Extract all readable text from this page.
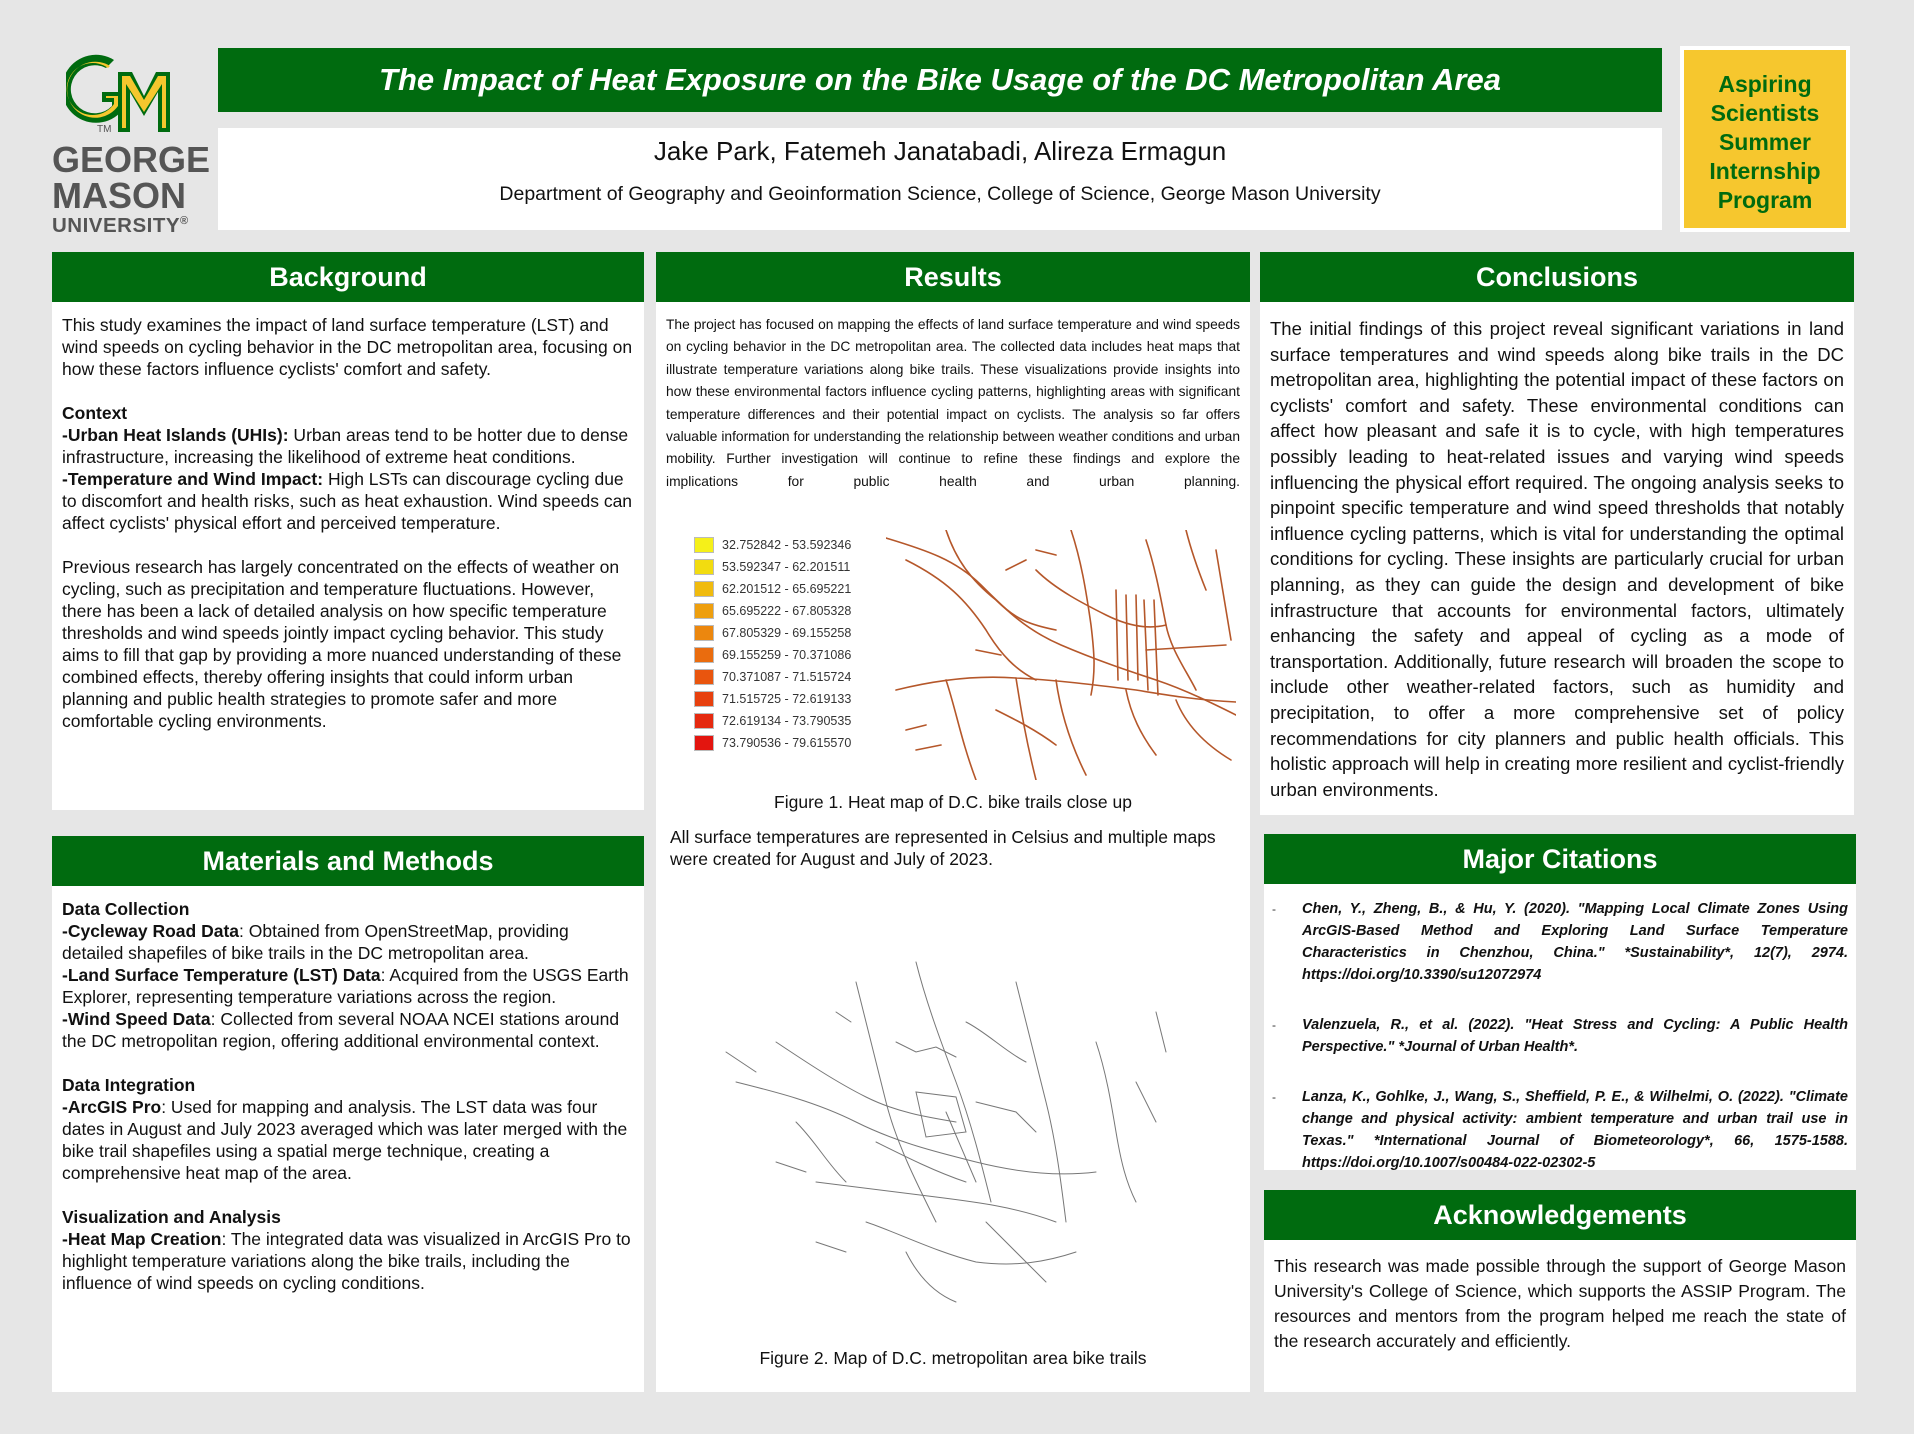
TM
GEORGE
MASON
UNIVERSITY®
The Impact of Heat Exposure on the Bike Usage of the DC Metropolitan Area
Jake Park, Fatemeh Janatabadi, Alireza Ermagun
Department of Geography and Geoinformation Science, College of Science, George Mason University
Aspiring
Scientists
Summer
Internship
Program
Background

This study examines the impact of land surface temperature (LST) and wind speeds on cycling behavior in the DC metropolitan area, focusing on how these factors influence cyclists' comfort and safety.

Context
-Urban Heat Islands (UHIs): Urban areas tend to be hotter due to dense infrastructure, increasing the likelihood of extreme heat conditions.

-Temperature and Wind Impact: High LSTs can discourage cycling due to discomfort and health risks, such as heat exhaustion. Wind speeds can affect cyclists' physical effort and perceived temperature.

Previous research has largely concentrated on the effects of weather on cycling, such as precipitation and temperature fluctuations. However, there has been a lack of detailed analysis on how specific temperature thresholds and wind speeds jointly impact cycling behavior. This study aims to fill that gap by providing a more nuanced understanding of these combined effects, thereby offering insights that could inform urban planning and public health strategies to promote safer and more comfortable cycling environments.

Materials and Methods
Data Collection
-Cycleway Road Data: Obtained from OpenStreetMap, providing detailed shapefiles of bike trails in the DC metropolitan area.
-Land Surface Temperature (LST) Data: Acquired from the USGS Earth Explorer, representing temperature variations across the region.

-Wind Speed Data: Collected from several NOAA NCEI stations around the DC metropolitan region, offering additional environmental context.

Data Integration

-ArcGIS Pro: Used for mapping and analysis. The LST data was four dates in August and July 2023 averaged which was later merged with the bike trail shapefiles using a spatial merge technique, creating a comprehensive heat map of the area.

Visualization and Analysis
-Heat Map Creation: The integrated data was visualized in ArcGIS Pro to highlight temperature variations along the bike trails, including the influence of wind speeds on cycling conditions.
Results
The project has focused on mapping the effects of land surface temperature and wind speeds on cycling behavior in the DC metropolitan area. The collected data includes heat maps that illustrate temperature variations along bike trails. These visualizations provide insights into how these environmental factors influence cycling patterns, highlighting areas with significant temperature differences and their potential impact on cyclists. The analysis so far offers valuable information for understanding the relationship between weather conditions and urban mobility. Further investigation will continue to refine these findings and explore the implications for public health and urban planning.
32.752842 - 53.592346
53.592347 - 62.201511
62.201512 - 65.695221
65.695222 - 67.805328
67.805329 - 69.155258
69.155259 - 70.371086
70.371087 - 71.515724
71.515725 - 72.619133
72.619134 - 73.790535
73.790536 - 79.615570
Figure 1. Heat map of D.C. bike trails close up
All surface temperatures are represented in Celsius and multiple maps were created for August and July of 2023.
Figure 2. Map of D.C. metropolitan area bike trails
Conclusions
The initial findings of this project reveal significant variations in land surface temperatures and wind speeds along bike trails in the DC metropolitan area, highlighting the potential impact of these factors on cyclists' comfort and safety. These environmental conditions can affect how pleasant and safe it is to cycle, with high temperatures possibly leading to heat-related issues and varying wind speeds influencing the physical effort required. The ongoing analysis seeks to pinpoint specific temperature and wind speed thresholds that notably influence cycling patterns, which is vital for understanding the optimal conditions for cycling. These insights are particularly crucial for urban planning, as they can guide the design and development of bike infrastructure that accounts for environmental factors, ultimately enhancing the safety and appeal of cycling as a mode of transportation. Additionally, future research will broaden the scope to include other weather-related factors, such as humidity and precipitation, to offer a more comprehensive set of policy recommendations for city planners and public health officials. This holistic approach will help in creating more resilient and cyclist-friendly urban environments.
Major Citations
-	Chen, Y., Zheng, B., & Hu, Y. (2020). "Mapping Local Climate Zones Using ArcGIS-Based Method and Exploring Land Surface Temperature Characteristics in Chenzhou, China." *Sustainability*, 12(7), 2974. https://doi.org/10.3390/su12072974
-	Valenzuela, R., et al. (2022). "Heat Stress and Cycling: A Public Health Perspective." *Journal of Urban Health*.
-	Lanza, K., Gohlke, J., Wang, S., Sheffield, P. E., & Wilhelmi, O. (2022). "Climate change and physical activity: ambient temperature and urban trail use in Texas." *International Journal of Biometeorology*, 66, 1575-1588. https://doi.org/10.1007/s00484-022-02302-5
Acknowledgements
This research was made possible through the support of George Mason University's College of Science, which supports the ASSIP Program. The resources and mentors from the program helped me reach the state of the research accurately and efficiently.
